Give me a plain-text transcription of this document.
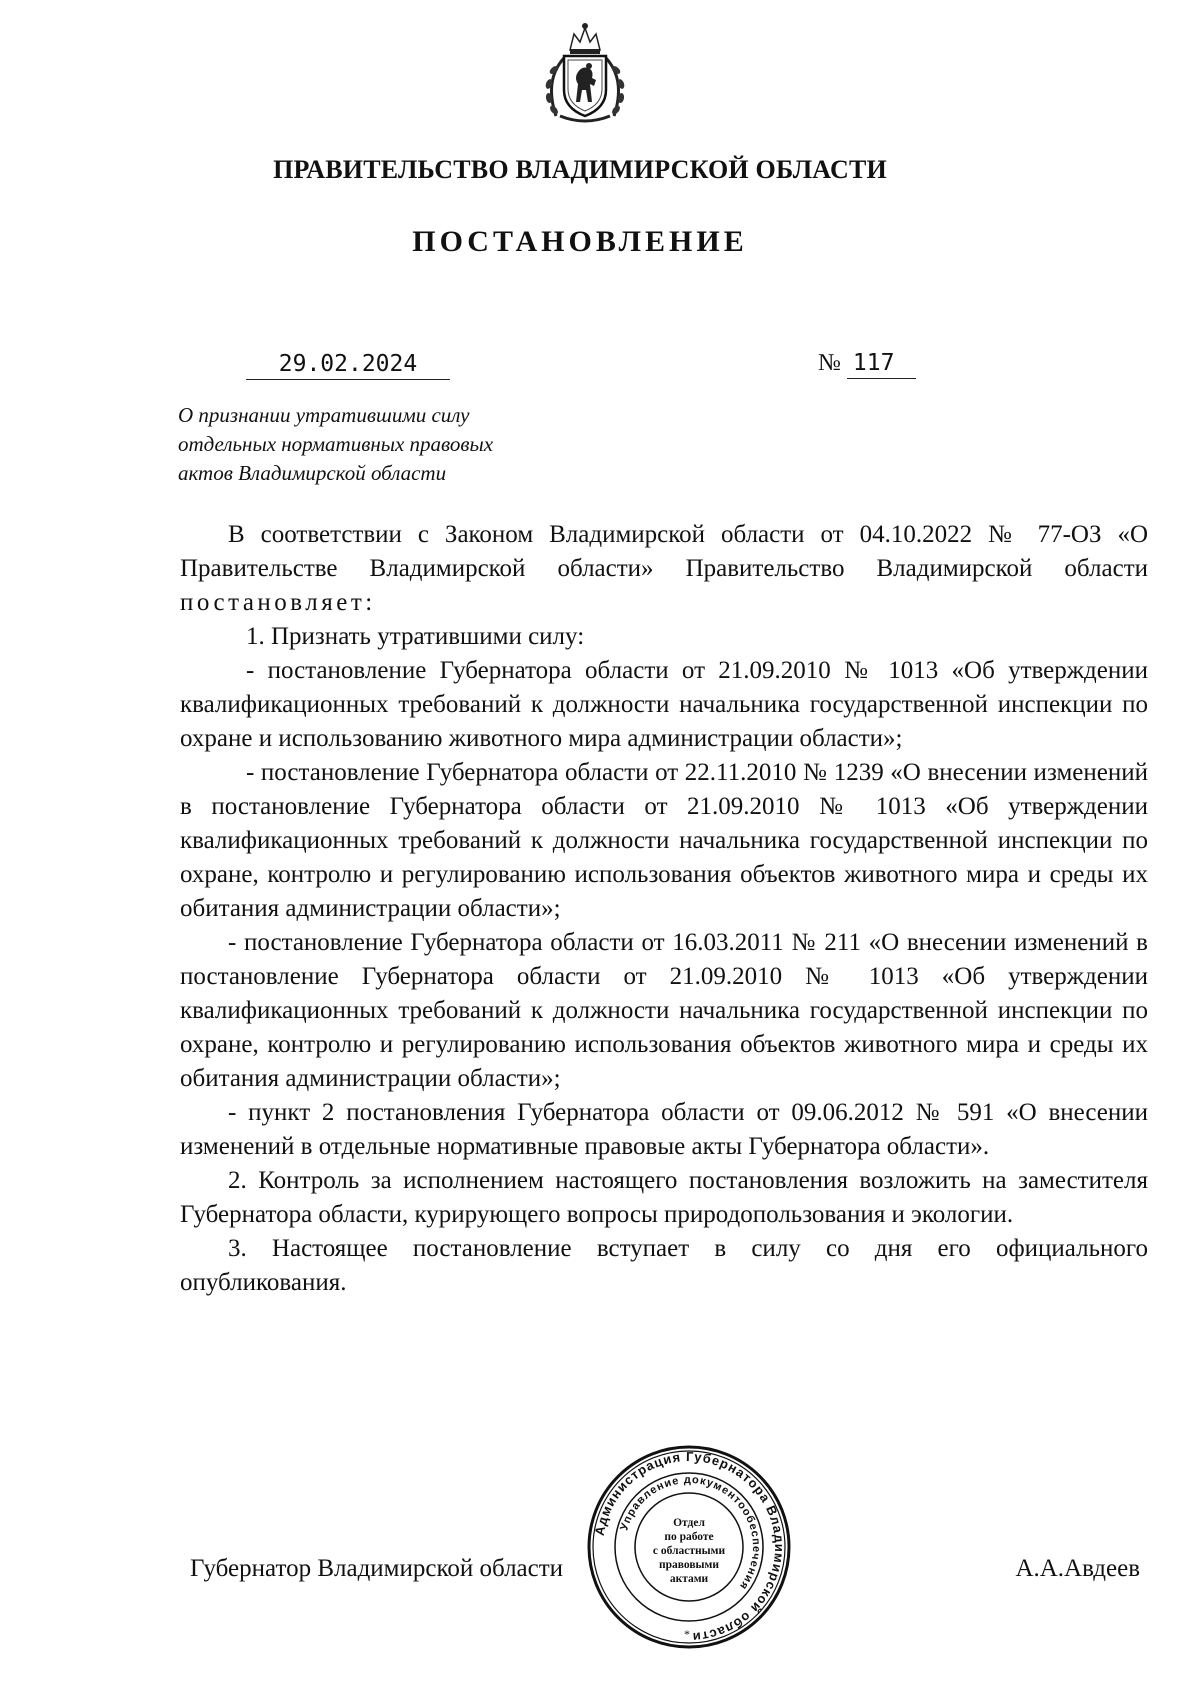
ПРАВИТЕЛЬСТВО ВЛАДИМИРСКОЙ ОБЛАСТИ
ПОСТАНОВЛЕНИЕ
29.02.2024	№ 117
О признании утратившими силу
отдельных нормативных правовых
актов Владимирской области

В соответствии с Законом Владимирской области от 04.10.2022 № 77-ОЗ «О Правительстве Владимирской области» Правительство Владимирской области постановляет:

1. Признать утратившими силу:

- постановление Губернатора области от 21.09.2010 № 1013 «Об утверждении квалификационных требований к должности начальника государственной инспекции по охране и использованию животного мира администрации области»;

- постановление Губернатора области от 22.11.2010 № 1239 «О внесении изменений в постановление Губернатора области от 21.09.2010 № 1013 «Об утверждении квалификационных требований к должности начальника государственной инспекции по охране, контролю и регулированию использования объектов животного мира и среды их обитания администрации области»;

- постановление Губернатора области от 16.03.2011 № 211 «О внесении изменений в постановление Губернатора области от 21.09.2010 № 1013 «Об утверждении квалификационных требований к должности начальника государственной инспекции по охране, контролю и регулированию использования объектов животного мира и среды их обитания администрации области»;

- пункт 2 постановления Губернатора области от 09.06.2012 № 591 «О внесении изменений в отдельные нормативные правовые акты Губернатора области».

2. Контроль за исполнением настоящего постановления возложить на заместителя Губернатора области, курирующего вопросы природопользования и экологии.

3. Настоящее постановление вступает в силу со дня его официального опубликования.

Губернатор Владимирской области	А.А.Авдеев
Администрация Губернатора Владимирской области
Управление документообеспечения
Отдел
по работе
с областными
правовыми
актами
*
